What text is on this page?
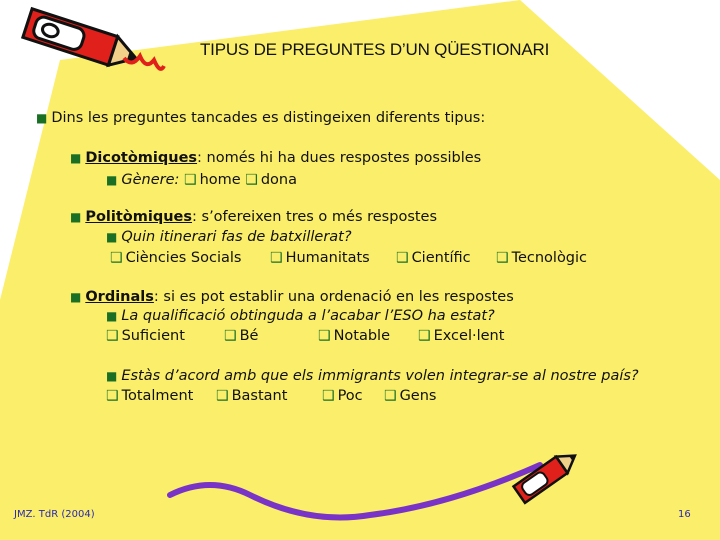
TIPUS DE PREGUNTES D’UN QÜESTIONARI
■ Dins les preguntes tancades es distingeixen diferents tipus:
■ Dicotòmiques: només hi ha dues respostes possibles
■ Gènere: ❑ home ❑ dona
■ Politòmiques: s’ofereixen tres o més respostes
■ Quin itinerari fas de batxillerat?
❑ Ciències Socials ❑ Humanitats ❑ Científic ❑ Tecnològic
■ Ordinals: si es pot establir una ordenació en les respostes
■ La qualificació obtinguda a l’acabar l’ESO ha estat?
❑ Suficient	❑ Bé	❑ Notable ❑ Excel·lent
■ Estàs d’acord amb que els immigrants volen integrar-se al nostre país?
❑ Totalment ❑ Bastant ❑ Poc ❑ Gens
JMZ. TdR (2004)	16
